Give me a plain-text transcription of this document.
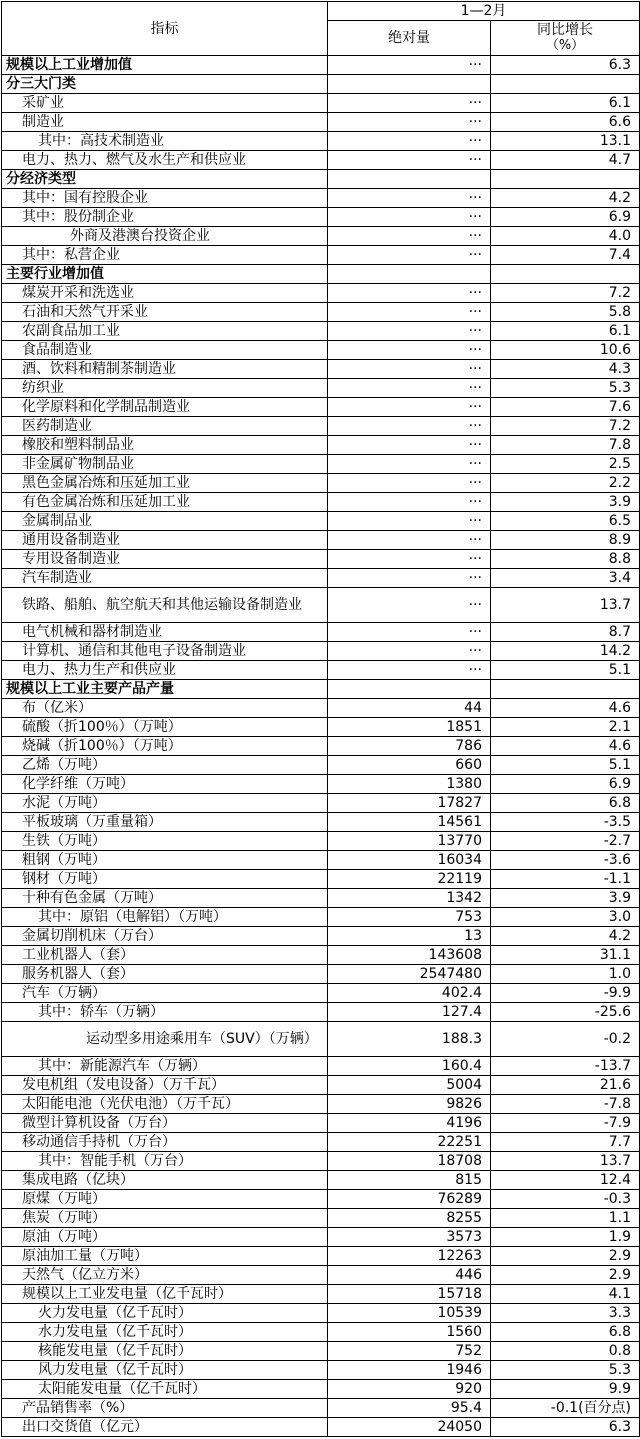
指标	1—2月	
	绝对量	同比增长
（%）

规模以上工业增加值	···	6.3
分三大门类		
采矿业	···	6.1
制造业	···	6.6
其中：高技术制造业	···	13.1
电力、热力、燃气及水生产和供应业	···	4.7
分经济类型		
其中：国有控股企业	···	4.2
其中：股份制企业	···	6.9
外商及港澳台投资企业	···	4.0
其中：私营企业	···	7.4
主要行业增加值		
煤炭开采和洗选业	···	7.2
石油和天然气开采业	···	5.8
农副食品加工业	···	6.1
食品制造业	···	10.6
酒、饮料和精制茶制造业	···	4.3
纺织业	···	5.3
化学原料和化学制品制造业	···	7.6
医药制造业	···	7.2
橡胶和塑料制品业	···	7.8
非金属矿物制品业	···	2.5
黑色金属冶炼和压延加工业	···	2.2
有色金属冶炼和压延加工业	···	3.9
金属制品业	···	6.5
通用设备制造业	···	8.9
专用设备制造业	···	8.8
汽车制造业	···	3.4
铁路、船舶、航空航天和其他运输设备制造业	···	13.7
电气机械和器材制造业	···	8.7
计算机、通信和其他电子设备制造业	···	14.2
电力、热力生产和供应业	···	5.1
规模以上工业主要产品产量		
布（亿米）	44	4.6
硫酸（折100％）（万吨）	1851	2.1
烧碱（折100％）（万吨）	786	4.6
乙烯（万吨）	660	5.1
化学纤维（万吨）	1380	6.9
水泥（万吨）	17827	6.8
平板玻璃（万重量箱）	14561	-3.5
生铁（万吨）	13770	-2.7
粗钢（万吨）	16034	-3.6
钢材（万吨）	22119	-1.1
十种有色金属（万吨）	1342	3.9
其中：原铝（电解铝）（万吨）	753	3.0
金属切削机床（万台）	13	4.2
工业机器人（套）	143608	31.1
服务机器人（套）	2547480	1.0
汽车（万辆）	402.4	-9.9
其中：轿车（万辆）	127.4	-25.6
运动型多用途乘用车（SUV）（万辆）	188.3	-0.2
其中：新能源汽车（万辆）	160.4	-13.7
发电机组（发电设备）（万千瓦）	5004	21.6
太阳能电池（光伏电池）（万千瓦）	9826	-7.8
微型计算机设备（万台）	4196	-7.9
移动通信手持机（万台）	22251	7.7
其中：智能手机（万台）	18708	13.7
集成电路（亿块）	815	12.4
原煤（万吨）	76289	-0.3
焦炭（万吨）	8255	1.1
原油（万吨）	3573	1.9
原油加工量（万吨）	12263	2.9
天然气（亿立方米）	446	2.9
规模以上工业发电量（亿千瓦时）	15718	4.1
火力发电量（亿千瓦时）	10539	3.3
水力发电量（亿千瓦时）	1560	6.8
核能发电量（亿千瓦时）	752	0.8
风力发电量（亿千瓦时）	1946	5.3
太阳能发电量（亿千瓦时）	920	9.9
产品销售率（%）	95.4	-0.1(百分点)
出口交货值（亿元）	24050	6.3
